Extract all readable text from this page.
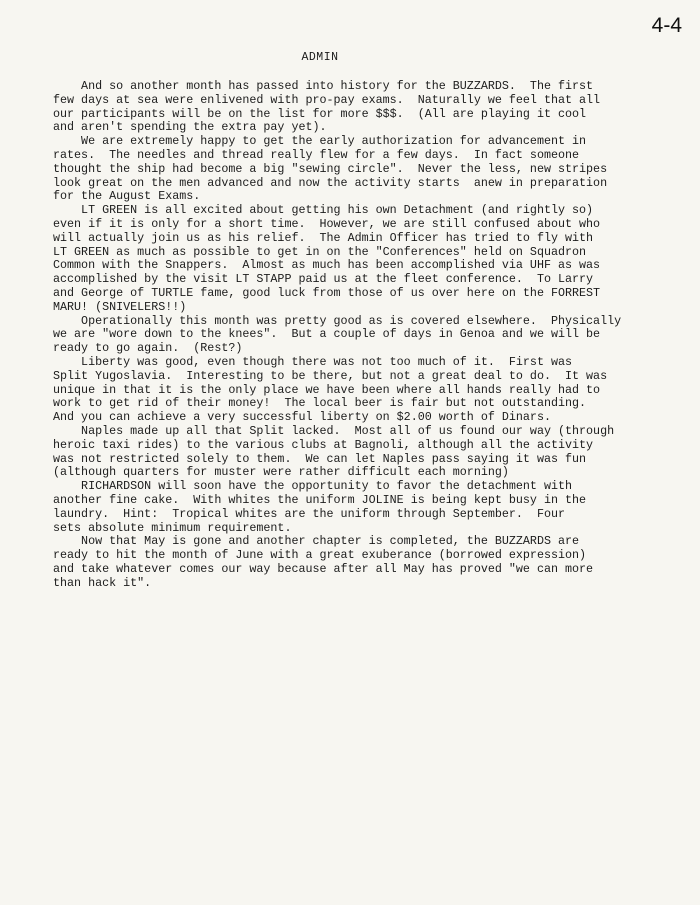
4-4
ADMIN
And so another month has passed into history for the BUZZARDS.  The first
few days at sea were enlivened with pro-pay exams.  Naturally we feel that all
our participants will be on the list for more $$$.  (All are playing it cool
and aren't spending the extra pay yet).
We are extremely happy to get the early authorization for advancement in
rates.  The needles and thread really flew for a few days.  In fact someone
thought the ship had become a big "sewing circle".  Never the less, new stripes
look great on the men advanced and now the activity starts  anew in preparation
for the August Exams.
LT GREEN is all excited about getting his own Detachment (and rightly so)
even if it is only for a short time.  However, we are still confused about who
will actually join us as his relief.  The Admin Officer has tried to fly with
LT GREEN as much as possible to get in on the "Conferences" held on Squadron
Common with the Snappers.  Almost as much has been accomplished via UHF as was
accomplished by the visit LT STAPP paid us at the fleet conference.  To Larry
and George of TURTLE fame, good luck from those of us over here on the FORREST
MARU! (SNIVELERS!!)
Operationally this month was pretty good as is covered elsewhere.  Physically
we are "wore down to the knees".  But a couple of days in Genoa and we will be
ready to go again.  (Rest?)
Liberty was good, even though there was not too much of it.  First was
Split Yugoslavia.  Interesting to be there, but not a great deal to do.  It was
unique in that it is the only place we have been where all hands really had to
work to get rid of their money!  The local beer is fair but not outstanding.
And you can achieve a very successful liberty on $2.00 worth of Dinars.
Naples made up all that Split lacked.  Most all of us found our way (through
heroic taxi rides) to the various clubs at Bagnoli, although all the activity
was not restricted solely to them.  We can let Naples pass saying it was fun
(although quarters for muster were rather difficult each morning)
RICHARDSON will soon have the opportunity to favor the detachment with
another fine cake.  With whites the uniform JOLINE is being kept busy in the
laundry.  Hint:  Tropical whites are the uniform through September.  Four
sets absolute minimum requirement.
Now that May is gone and another chapter is completed, the BUZZARDS are
ready to hit the month of June with a great exuberance (borrowed expression)
and take whatever comes our way because after all May has proved "we can more
than hack it".
